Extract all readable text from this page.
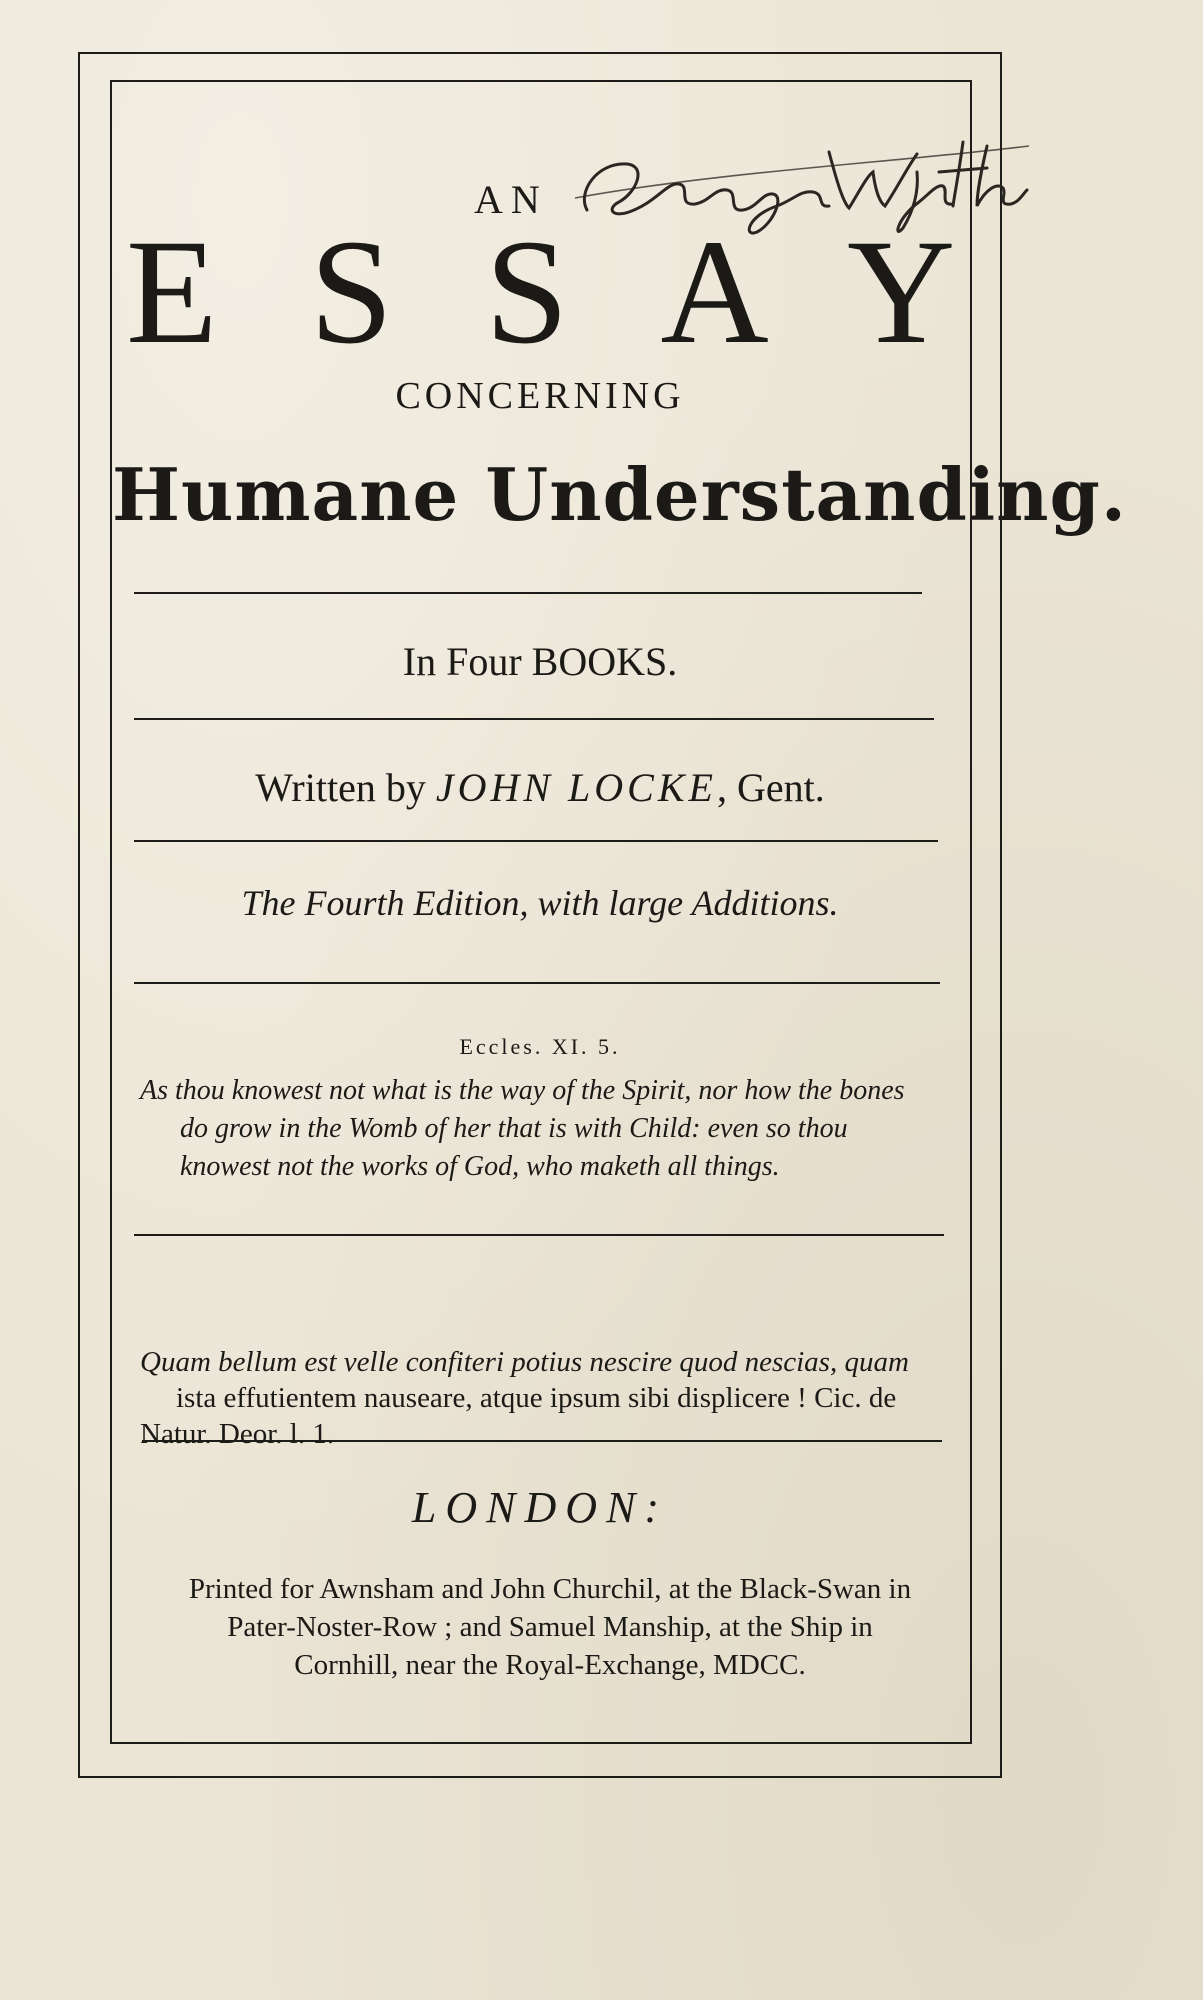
AN
ESSAY
CONCERNING
Humane Understanding.
In Four BOOKS.
Written by JOHN LOCKE, Gent.
The Fourth Edition, with large Additions.
Eccles. XI. 5.
As thou knowest not what is the way of the Spirit, nor how the bones
do grow in the Womb of her that is with Child: even so thou
knowest not the works of God, who maketh all things.
Quam bellum est velle confiteri potius nescire quod nescias, quam
ista effutientem nauseare, atque ipsum sibi displicere ! Cic. de
Natur. Deor. l. 1.
LONDON:
Printed for Awnsham and John Churchil, at the Black-Swan in
Pater-Noster-Row ; and Samuel Manship, at the Ship in
Cornhill, near the Royal-Exchange, MDCC.
